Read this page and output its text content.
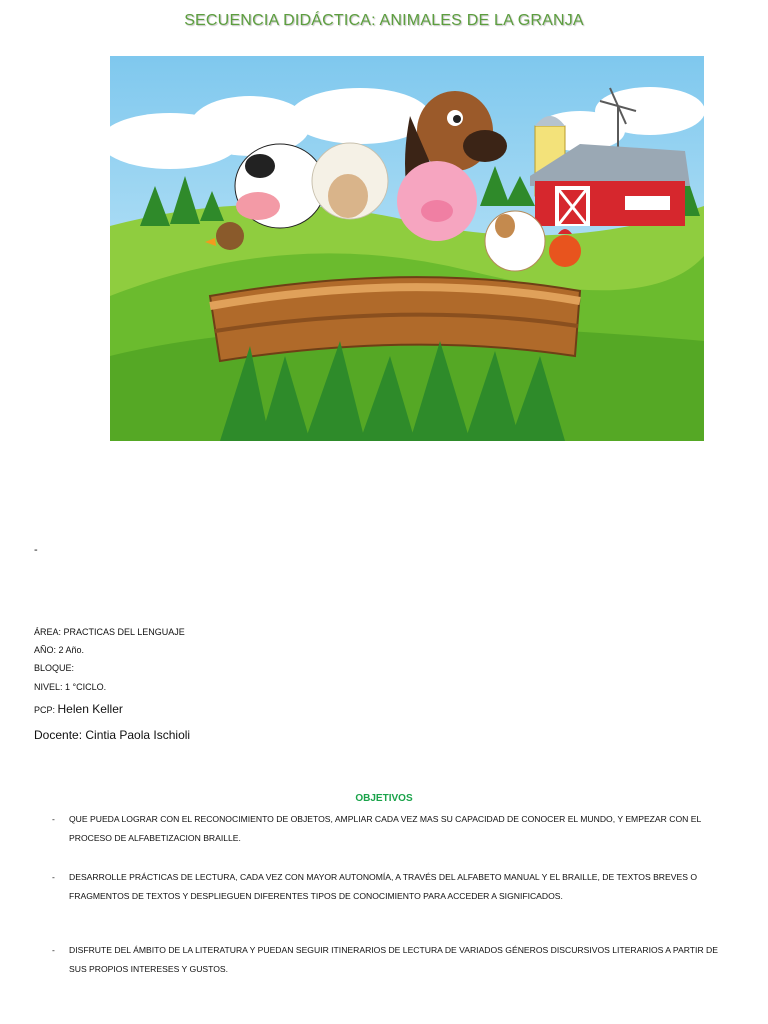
SECUENCIA DIDÁCTICA: ANIMALES DE LA GRANJA
-
ÁREA: PRACTICAS DEL LENGUAJE
AÑO: 2 Año.
BLOQUE:
NIVEL: 1 °CICLO.
PCP: Helen Keller
Docente: Cintia Paola Ischioli
OBJETIVOS
- QUE PUEDA LOGRAR CON EL RECONOCIMIENTO DE OBJETOS, AMPLIAR CADA VEZ MAS SU CAPACIDAD DE CONOCER EL MUNDO, Y EMPEZAR CON EL PROCESO DE ALFABETIZACION BRAILLE.
- DESARROLLE PRÁCTICAS DE LECTURA, CADA VEZ CON MAYOR AUTONOMÍA, A TRAVÉS DEL ALFABETO MANUAL Y EL BRAILLE, DE TEXTOS BREVES O FRAGMENTOS DE TEXTOS Y DESPLIEGUEN DIFERENTES TIPOS DE CONOCIMIENTO PARA ACCEDER A SIGNIFICADOS.
- DISFRUTE DEL ÁMBITO DE LA LITERATURA Y PUEDAN SEGUIR ITINERARIOS DE LECTURA DE VARIADOS GÉNEROS DISCURSIVOS LITERARIOS A PARTIR DE SUS PROPIOS INTERESES Y GUSTOS.
